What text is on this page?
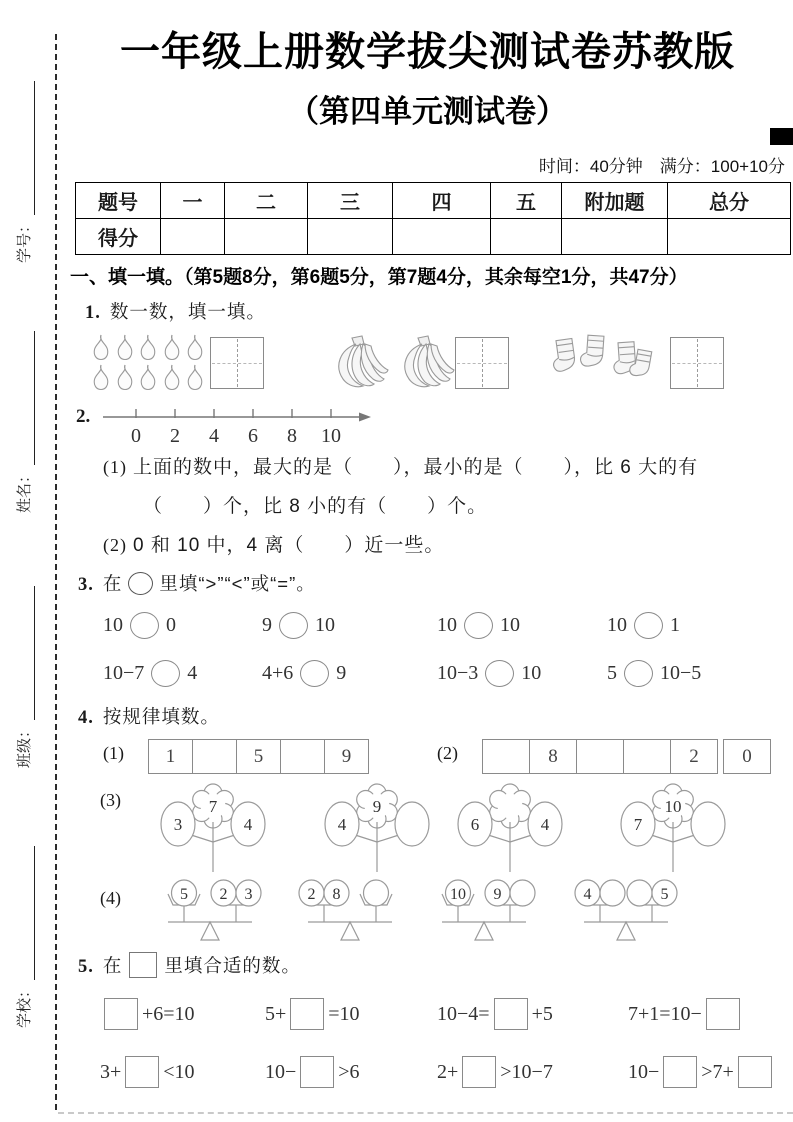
学号：
姓名：
班级：
学校：
一年级上册数学拔尖测试卷苏教版
（第四单元测试卷）
时间：40分钟　满分：100+10分
题号	一	二	三	四	五	附加题	总分
得分							
一、填一填。（第5题8分，第6题5分，第7题4分，其余每空1分，共47分）
1. 数一数，填一填。
2.
0 2 4 6 8 10
(1) 上面的数中，最大的是（　　），最小的是（　　），比 6 大的有
（　　）个，比 8 小的有（　　）个。
(2) 0 和 10 中，4 离（　　）近一些。
3. 在 里填“>”“<”或“=”。
10 0	9 10	10 10	10 1
10−7 4	4+6 9	10−3 10	5 10−5
4. 按规律填数。
(1)	1	5	9	(2)	8	2	0
(3)	7
3	4
9
4	6	4
10
7
(4)	5 2 3	2 8	10 9	4	5
5. 在 里填合适的数。
+6=10	5+ =10	10−4= +5	7+1=10−
3+ <10	10− >6	2+ >10−7	10− >7+
